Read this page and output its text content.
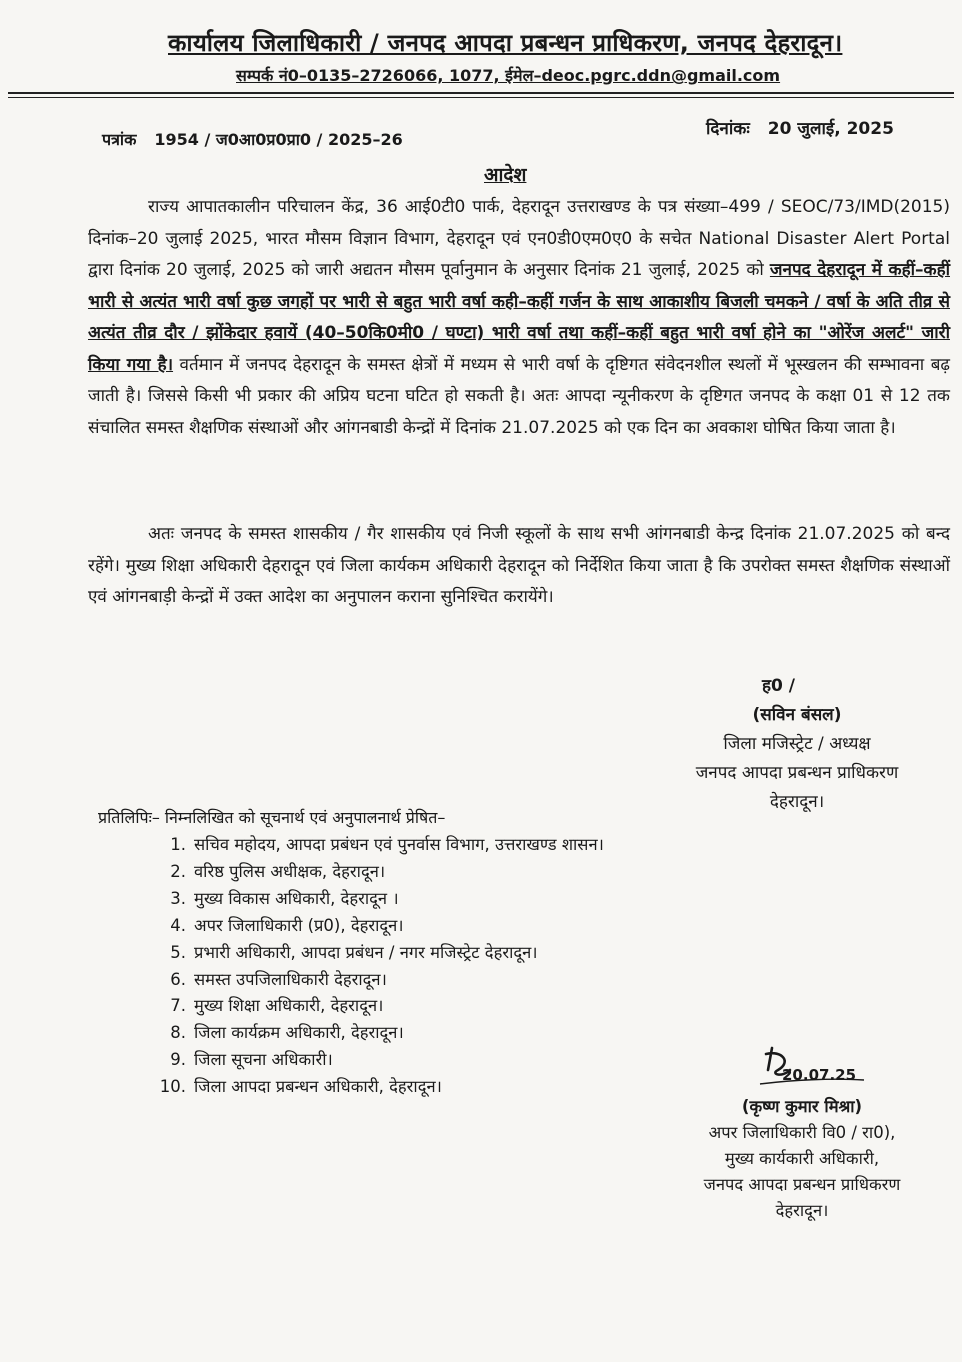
कार्यालय जिलाधिकारी / जनपद आपदा प्रबन्धन प्राधिकरण, जनपद देहरादून।
सम्पर्क नं0–0135–2726066, 1077, ईमेल–deoc.pgrc.ddn@gmail.com
पत्रांक 1954 / ज0आ0प्र0प्रा0 / 2025–26
दिनांकः 20 जुलाई, 2025
आदेश
राज्य आपातकालीन परिचालन केंद्र, 36 आई0टी0 पार्क, देहरादून उत्तराखण्ड के पत्र संख्या–499 / SEOC/73/IMD(2015) दिनांक–20 जुलाई 2025, भारत मौसम विज्ञान विभाग, देहरादून एवं एन0डी0एम0ए0 के सचेत National Disaster Alert Portal द्वारा दिनांक 20 जुलाई, 2025 को जारी अद्यतन मौसम पूर्वानुमान के अनुसार दिनांक 21 जुलाई, 2025 को जनपद देहरादून में कहीं–कहीं भारी से अत्यंत भारी वर्षा कुछ जगहों पर भारी से बहुत भारी वर्षा कही–कहीं गर्जन के साथ आकाशीय बिजली चमकने / वर्षा के अति तीव्र से अत्यंत तीव्र दौर / झोंकेदार हवायें (40–50कि0मी0 / घण्टा) भारी वर्षा तथा कहीं–कहीं बहुत भारी वर्षा होने का "ओरेंज अलर्ट" जारी किया गया है। वर्तमान में जनपद देहरादून के समस्त क्षेत्रों में मध्यम से भारी वर्षा के दृष्टिगत संवेदनशील स्थलों में भूस्खलन की सम्भावना बढ़ जाती है। जिससे किसी भी प्रकार की अप्रिय घटना घटित हो सकती है। अतः आपदा न्यूनीकरण के दृष्टिगत जनपद के कक्षा 01 से 12 तक संचालित समस्त शैक्षणिक संस्थाओं और आंगनबाडी केन्द्रों में दिनांक 21.07.2025 को एक दिन का अवकाश घोषित किया जाता है।
अतः जनपद के समस्त शासकीय / गैर शासकीय एवं निजी स्कूलों के साथ सभी आंगनबाडी केन्द्र दिनांक 21.07.2025 को बन्द रहेंगे। मुख्य शिक्षा अधिकारी देहरादून एवं जिला कार्यकम अधिकारी देहरादून को निर्देशित किया जाता है कि उपरोक्त समस्त शैक्षणिक संस्थाओं एवं आंगनबाड़ी केन्द्रों में उक्त आदेश का अनुपालन कराना सुनिश्चित करायेंगे।
ह0 /
(सविन बंसल)
जिला मजिस्ट्रेट / अध्यक्ष
जनपद आपदा प्रबन्धन प्राधिकरण
देहरादून।
प्रतिलिपिः– निम्नलिखित को सूचनार्थ एवं अनुपालनार्थ प्रेषित–
1. सचिव महोदय, आपदा प्रबंधन एवं पुनर्वास विभाग, उत्तराखण्ड शासन।
2. वरिष्ठ पुलिस अधीक्षक, देहरादून।
3. मुख्य विकास अधिकारी, देहरादून ।
4. अपर जिलाधिकारी (प्र0), देहरादून।
5. प्रभारी अधिकारी, आपदा प्रबंधन / नगर मजिस्ट्रेट देहरादून।
6. समस्त उपजिलाधिकारी देहरादून।
7. मुख्य शिक्षा अधिकारी, देहरादून।
8. जिला कार्यक्रम अधिकारी, देहरादून।
9. जिला सूचना अधिकारी।
10. जिला आपदा प्रबन्धन अधिकारी, देहरादून।
20.07.25
(कृष्ण कुमार मिश्रा)
अपर जिलाधिकारी वि0 / रा0),
मुख्य कार्यकारी अधिकारी,
जनपद आपदा प्रबन्धन प्राधिकरण
देहरादून।
